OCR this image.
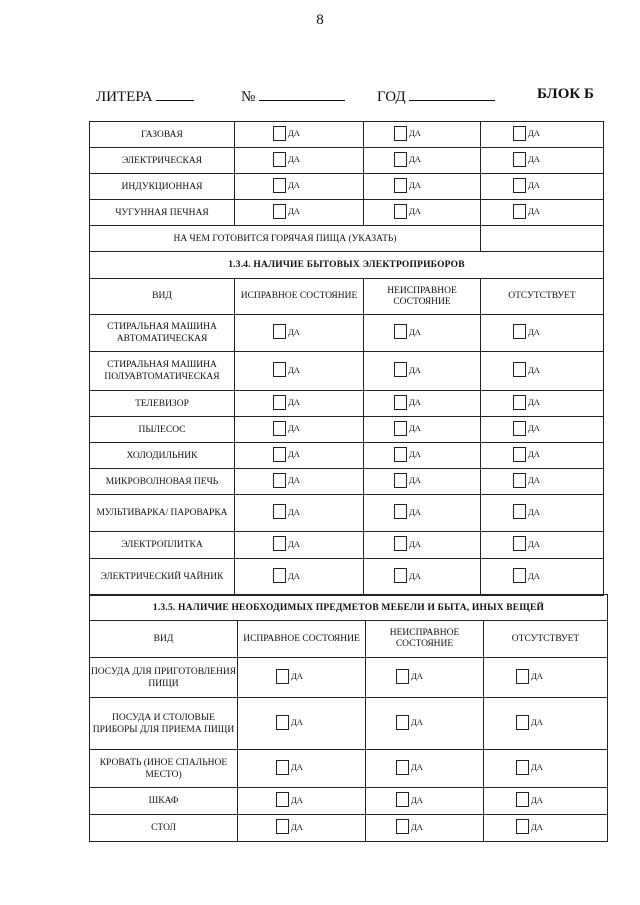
8
ЛИТЕРА	№	ГОД	БЛОК Б
ГАЗОВАЯ	ДА	ДА	ДА

ЭЛЕКТРИЧЕСКАЯ	ДА	ДА	ДА

ИНДУКЦИОННАЯ	ДА	ДА	ДА

ЧУГУННАЯ ПЕЧНАЯ	ДА	ДА	ДА

НА ЧЕМ ГОТОВИТСЯ ГОРЯЧАЯ ПИЩА (УКАЗАТЬ)			
1.3.4. НАЛИЧИЕ БЫТОВЫХ ЭЛЕКТРОПРИБОРОВ			
ВИД	ИСПРАВНОЕ СОСТОЯНИЕ	НЕИСПРАВНОЕ СОСТОЯНИЕ	ОТСУТСТВУЕТ
СТИРАЛЬНАЯ МАШИНА АВТОМАТИЧЕСКАЯ	ДА	ДА	ДА

СТИРАЛЬНАЯ МАШИНА ПОЛУАВТОМАТИЧЕСКАЯ	ДА	ДА	ДА

ТЕЛЕВИЗОР	ДА	ДА	ДА

ПЫЛЕСОС	ДА	ДА	ДА

ХОЛОДИЛЬНИК	ДА	ДА	ДА

МИКРОВОЛНОВАЯ ПЕЧЬ	ДА	ДА	ДА

МУЛЬТИВАРКА/ ПАРОВАРКА	ДА	ДА	ДА

ЭЛЕКТРОПЛИТКА	ДА	ДА	ДА

ЭЛЕКТРИЧЕСКИЙ ЧАЙНИК	ДА	ДА	ДА
1.3.5. НАЛИЧИЕ НЕОБХОДИМЫХ ПРЕДМЕТОВ МЕБЕЛИ И БЫТА, ИНЫХ ВЕЩЕЙ			
ВИД	ИСПРАВНОЕ СОСТОЯНИЕ	НЕИСПРАВНОЕ СОСТОЯНИЕ	ОТСУТСТВУЕТ
ПОСУДА ДЛЯ ПРИГОТОВЛЕНИЯ ПИЩИ	ДА	ДА	ДА

ПОСУДА И СТОЛОВЫЕ ПРИБОРЫ ДЛЯ ПРИЕМА ПИЩИ	ДА	ДА	ДА

КРОВАТЬ (ИНОЕ СПАЛЬНОЕ МЕСТО)	ДА	ДА	ДА

ШКАФ	ДА	ДА	ДА

СТОЛ	ДА	ДА	ДА
